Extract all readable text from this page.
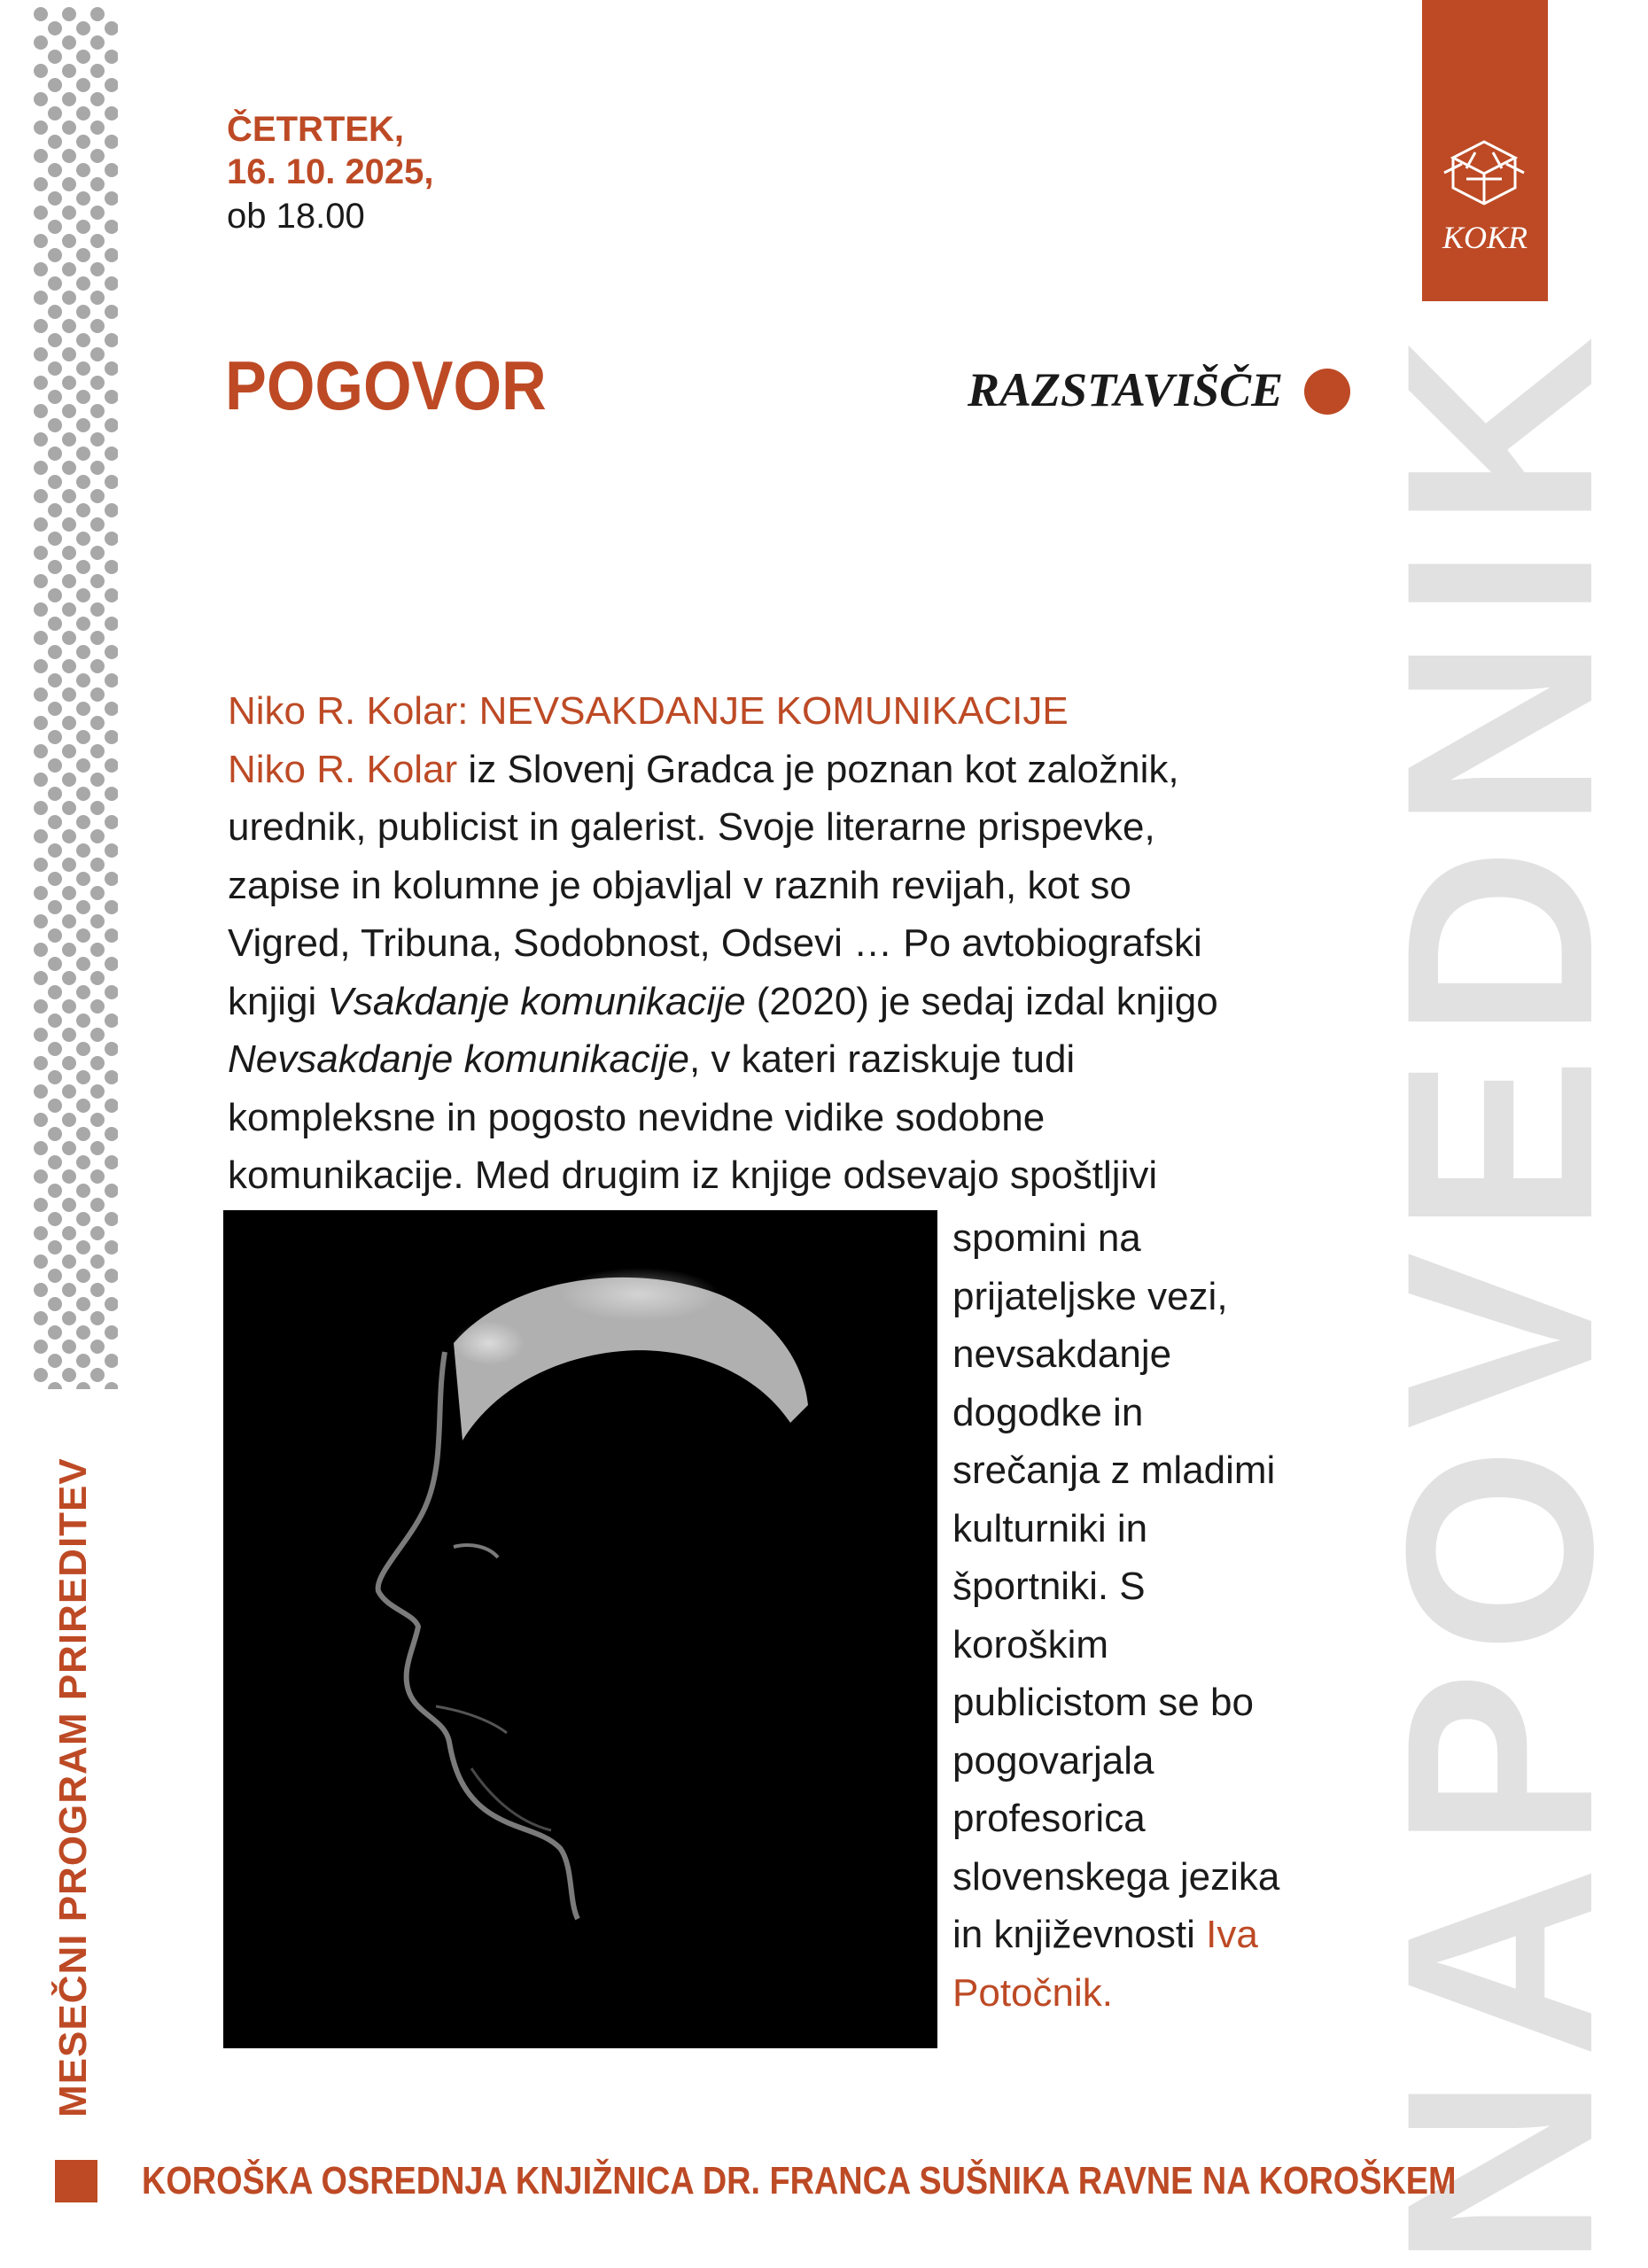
NAPOVEDNIK
KOKR
ČETRTEK,
16. 10. 2025,
ob 18.00
POGOVOR	RAZSTAVIŠČE
Niko R. Kolar: NEVSAKDANJE KOMUNIKACIJE
Niko R. Kolar iz Slovenj Gradca je poznan kot založnik,
urednik, publicist in galerist. Svoje literarne prispevke,
zapise in kolumne je objavljal v raznih revijah, kot so
Vigred, Tribuna, Sodobnost, Odsevi … Po avtobiografski
knjigi Vsakdanje komunikacije (2020) je sedaj izdal knjigo
Nevsakdanje komunikacije, v kateri raziskuje tudi
kompleksne in pogosto nevidne vidike sodobne
komunikacije. Med drugim iz knjige odsevajo spoštljivi
spomini na
prijateljske vezi,
nevsakdanje
dogodke in
srečanja z mladimi
kulturniki in
športniki. S
koroškim
publicistom se bo
pogovarjala
profesorica
slovenskega jezika
in književnosti Iva
Potočnik.
MESEČNI PROGRAM PRIREDITEV
KOROŠKA OSREDNJA KNJIŽNICA DR. FRANCA SUŠNIKA RAVNE NA KOROŠKEM
